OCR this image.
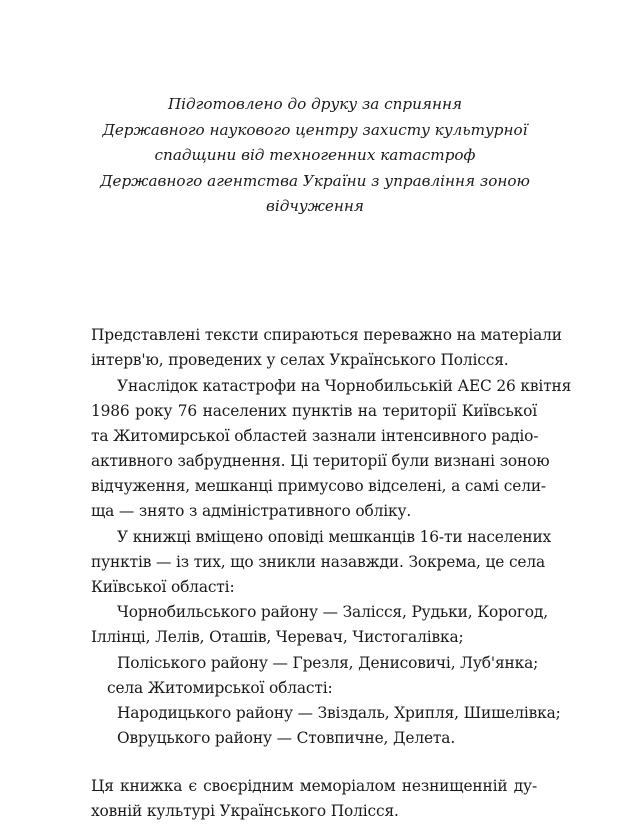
Підготовлено до друку за сприяння
Державного наукового центру захисту культурної
спадщини від техногенних катастроф
Державного агентства України з управління зоною
відчуження
Представлені тексти спираються переважно на матеріали
інтерв'ю, проведених у селах Українського Полісся.
Унаслідок катастрофи на Чорнобильській АЕС 26 квітня
1986 року 76 населених пунктів на території Київської
та Житомирської областей зазнали інтенсивного радіо-
активного забруднення. Ці території були визнані зоною
відчуження, мешканці примусово відселені, а самі сели-
ща — знято з адміністративного обліку.
У книжці вміщено оповіді мешканців 16-ти населених
пунктів — із тих, що зникли назавжди. Зокрема, це села
Київської області:
Чорнобильського району — Залісся, Рудьки, Корогод,
Іллінці, Лелів, Оташів, Черевач, Чистогалівка;
Поліського району — Грезля, Денисовичі, Луб'янка;
села Житомирської області:
Народицького району — Звіздаль, Хрипля, Шишелівка;
Овруцького району — Стовпичне, Делета.
Ця книжка є своєрідним меморіалом незнищенній ду-
ховній культурі Українського Полісся.
